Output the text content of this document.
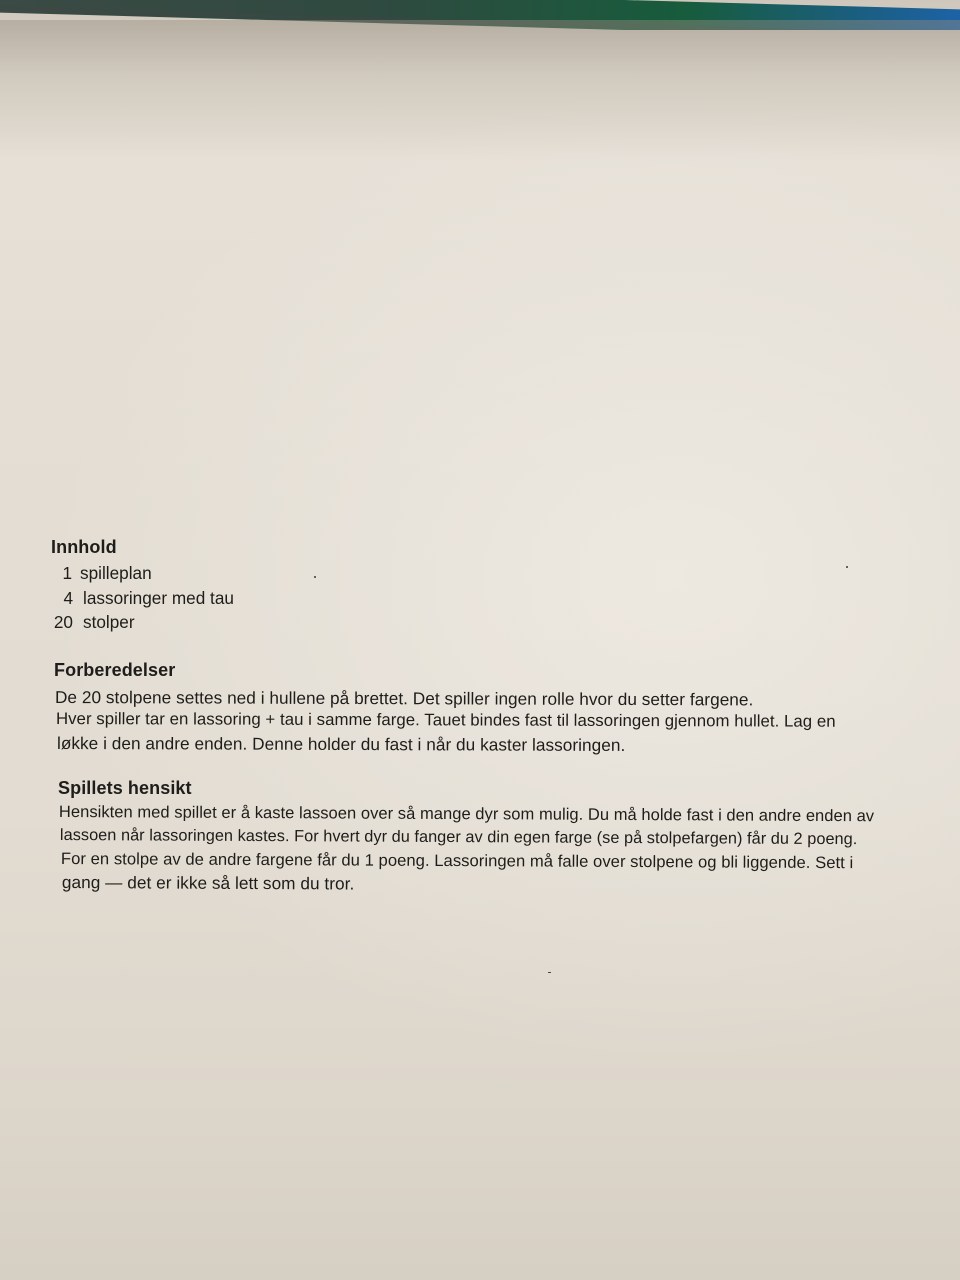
Innhold
1 spilleplan
4 lassoringer med tau
20 stolper
Forberedelser
De 20 stolpene settes ned i hullene på brettet. Det spiller ingen rolle hvor du setter fargene.
Hver spiller tar en lassoring + tau i samme farge. Tauet bindes fast til lassoringen gjennom hullet. Lag en
løkke i den andre enden. Denne holder du fast i når du kaster lassoringen.
Spillets hensikt
Hensikten med spillet er å kaste lassoen over så mange dyr som mulig. Du må holde fast i den andre enden av
lassoen når lassoringen kastes. For hvert dyr du fanger av din egen farge (se på stolpefargen) får du 2 poeng.
For en stolpe av de andre fargene får du 1 poeng. Lassoringen må falle over stolpene og bli liggende. Sett i
gang — det er ikke så lett som du tror.
